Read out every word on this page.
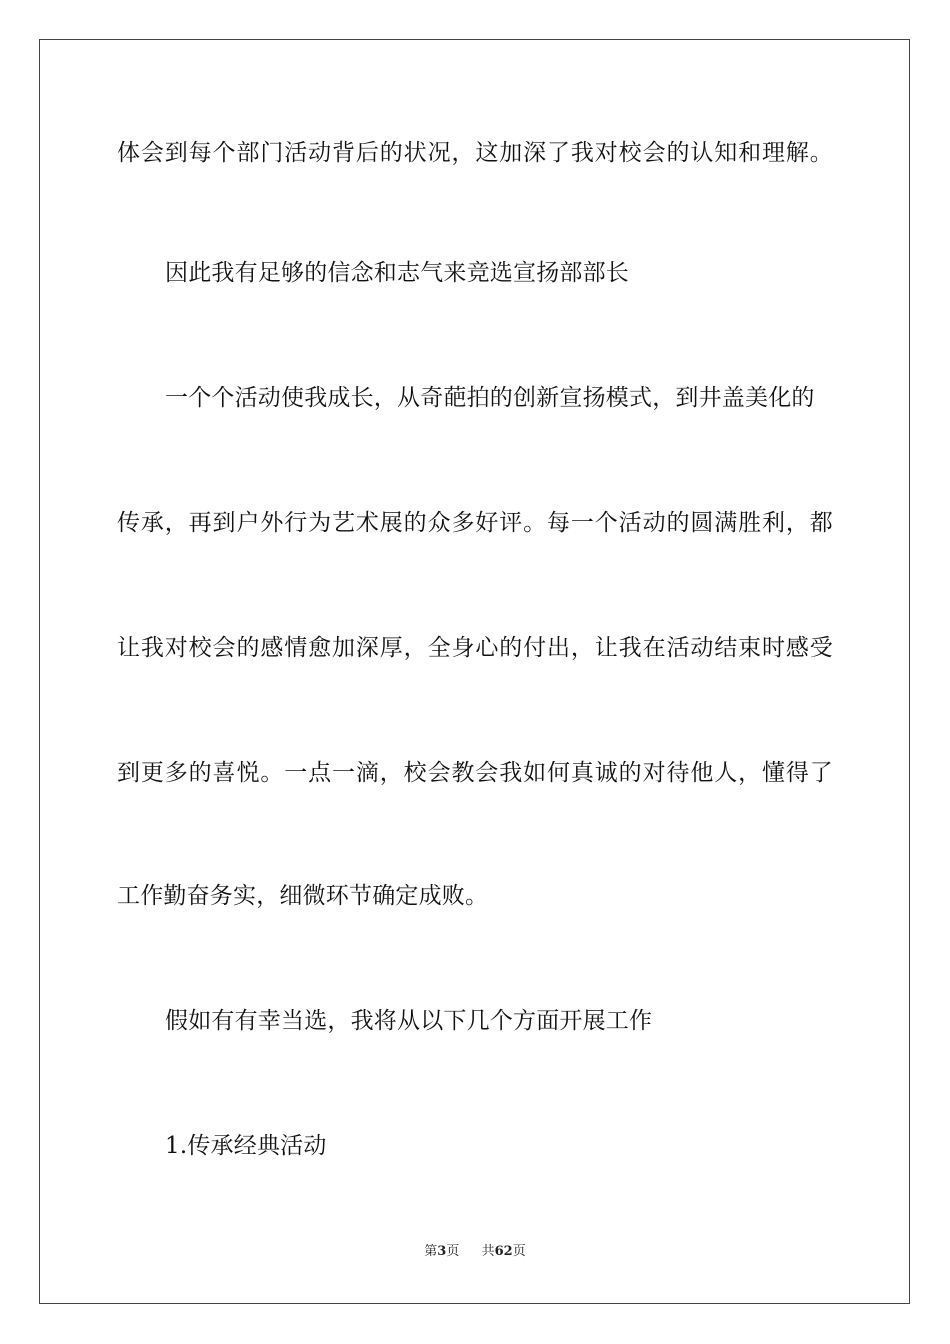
体会到每个部门活动背后的状况，这加深了我对校会的认知和理解。
因此我有足够的信念和志气来竞选宣扬部部长
一个个活动使我成长，从奇葩拍的创新宣扬模式，到井盖美化的
传承，再到户外行为艺术展的众多好评。每一个活动的圆满胜利，都
让我对校会的感情愈加深厚，全身心的付出，让我在活动结束时感受
到更多的喜悦。一点一滴，校会教会我如何真诚的对待他人，懂得了
工作勤奋务实，细微环节确定成败。
假如有有幸当选，我将从以下几个方面开展工作
1.传承经典活动
第3页 共62页
